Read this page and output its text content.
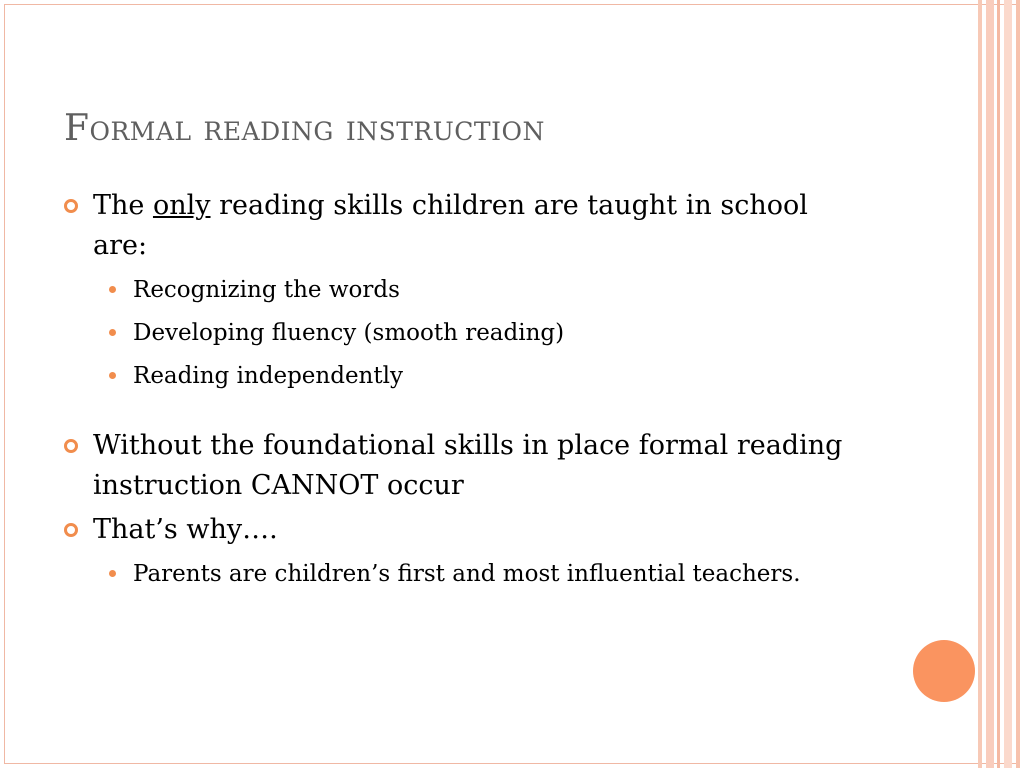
Formal reading instruction
The only reading skills children are taught in school are:
Recognizing the words
Developing fluency (smooth reading)
Reading independently
Without the foundational skills in place formal reading instruction CANNOT occur
That’s why….
Parents are children’s first and most influential teachers.
